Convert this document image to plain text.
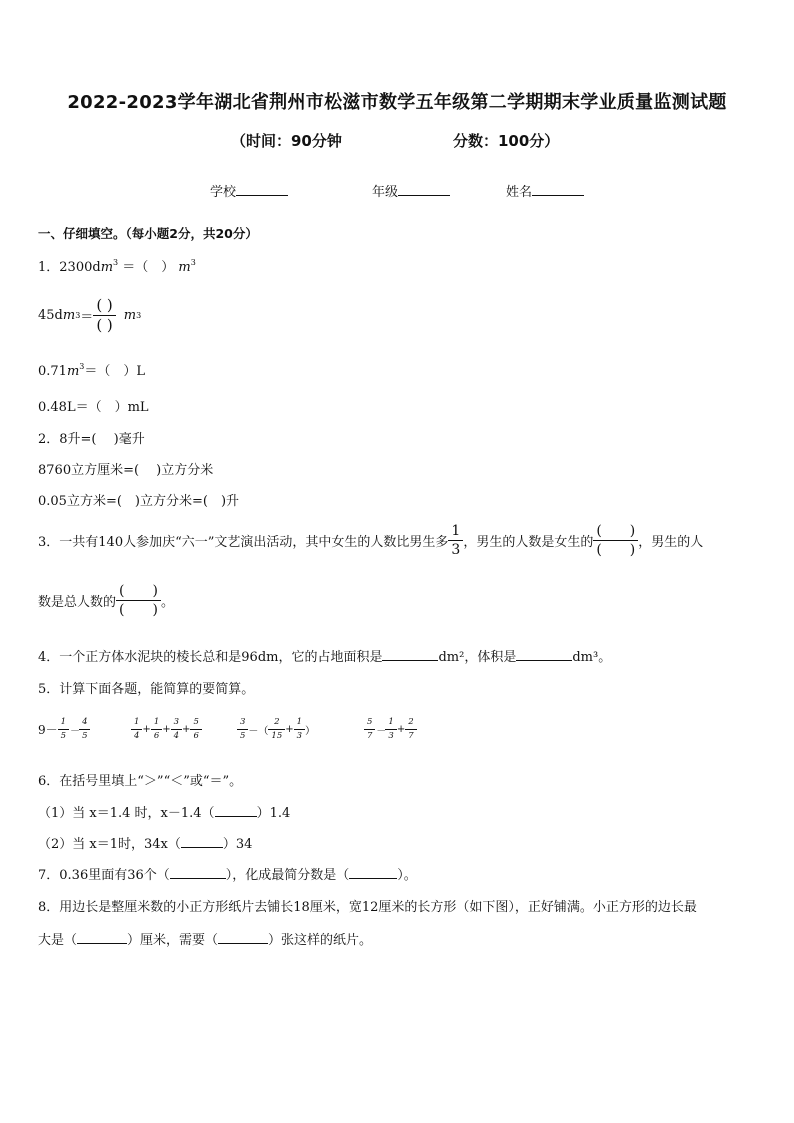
2022-2023学年湖北省荆州市松滋市数学五年级第二学期期末学业质量监测试题
（时间：90分钟	分数：100分）
学校	年级	姓名
一、仔细填空。（每小题2分，共20分）
1．$2300dm^3$ ＝（　） $m^3$
45d m $3 = \frac{( )}{( )}$ m 3
$0.71m^3=$（　）L
0.48L＝（　）mL
2．8升=(　 )毫升
8760立方厘米=(　 )立方分米
0.05立方米=(　)立方分米=(　)升
3．一共有140人参加庆“六一”文艺演出活动，其中女生的人数比男生多 $\frac{1}{3}$ ，男生的人数是女生的 $\frac{( )}{( )}$ ，男生的人
数是总人数的 $\frac{( )}{( )}$ 。
4．一个正方体水泥块的棱长总和是96dm，它的占地面积是	dm²，体积是	dm³。
5．计算下面各题，能简算的要简算。
$9- \frac{1}{5} - \frac{4}{5}$	$\frac{1}{4} + \frac{1}{6} + \frac{3}{4} + \frac{5}{6}$	$\frac{3}{5}$ －（ $\frac{2}{15} + \frac{1}{3}$ ）	$\frac{5}{7} - \frac{1}{3} + \frac{2}{7}$
6．在括号里填上“＞”“＜”或“＝”。
（1）当 x＝1.4 时，x－1.4（	）1.4
（2）当 x＝1时，34x（	）34
7．0.36里面有36个（	），化成最简分数是（	）。
8．用边长是整厘米数的小正方形纸片去铺长18厘米，宽12厘米的长方形（如下图），正好铺满。小正方形的边长最
大是（	）厘米，需要（	）张这样的纸片。
